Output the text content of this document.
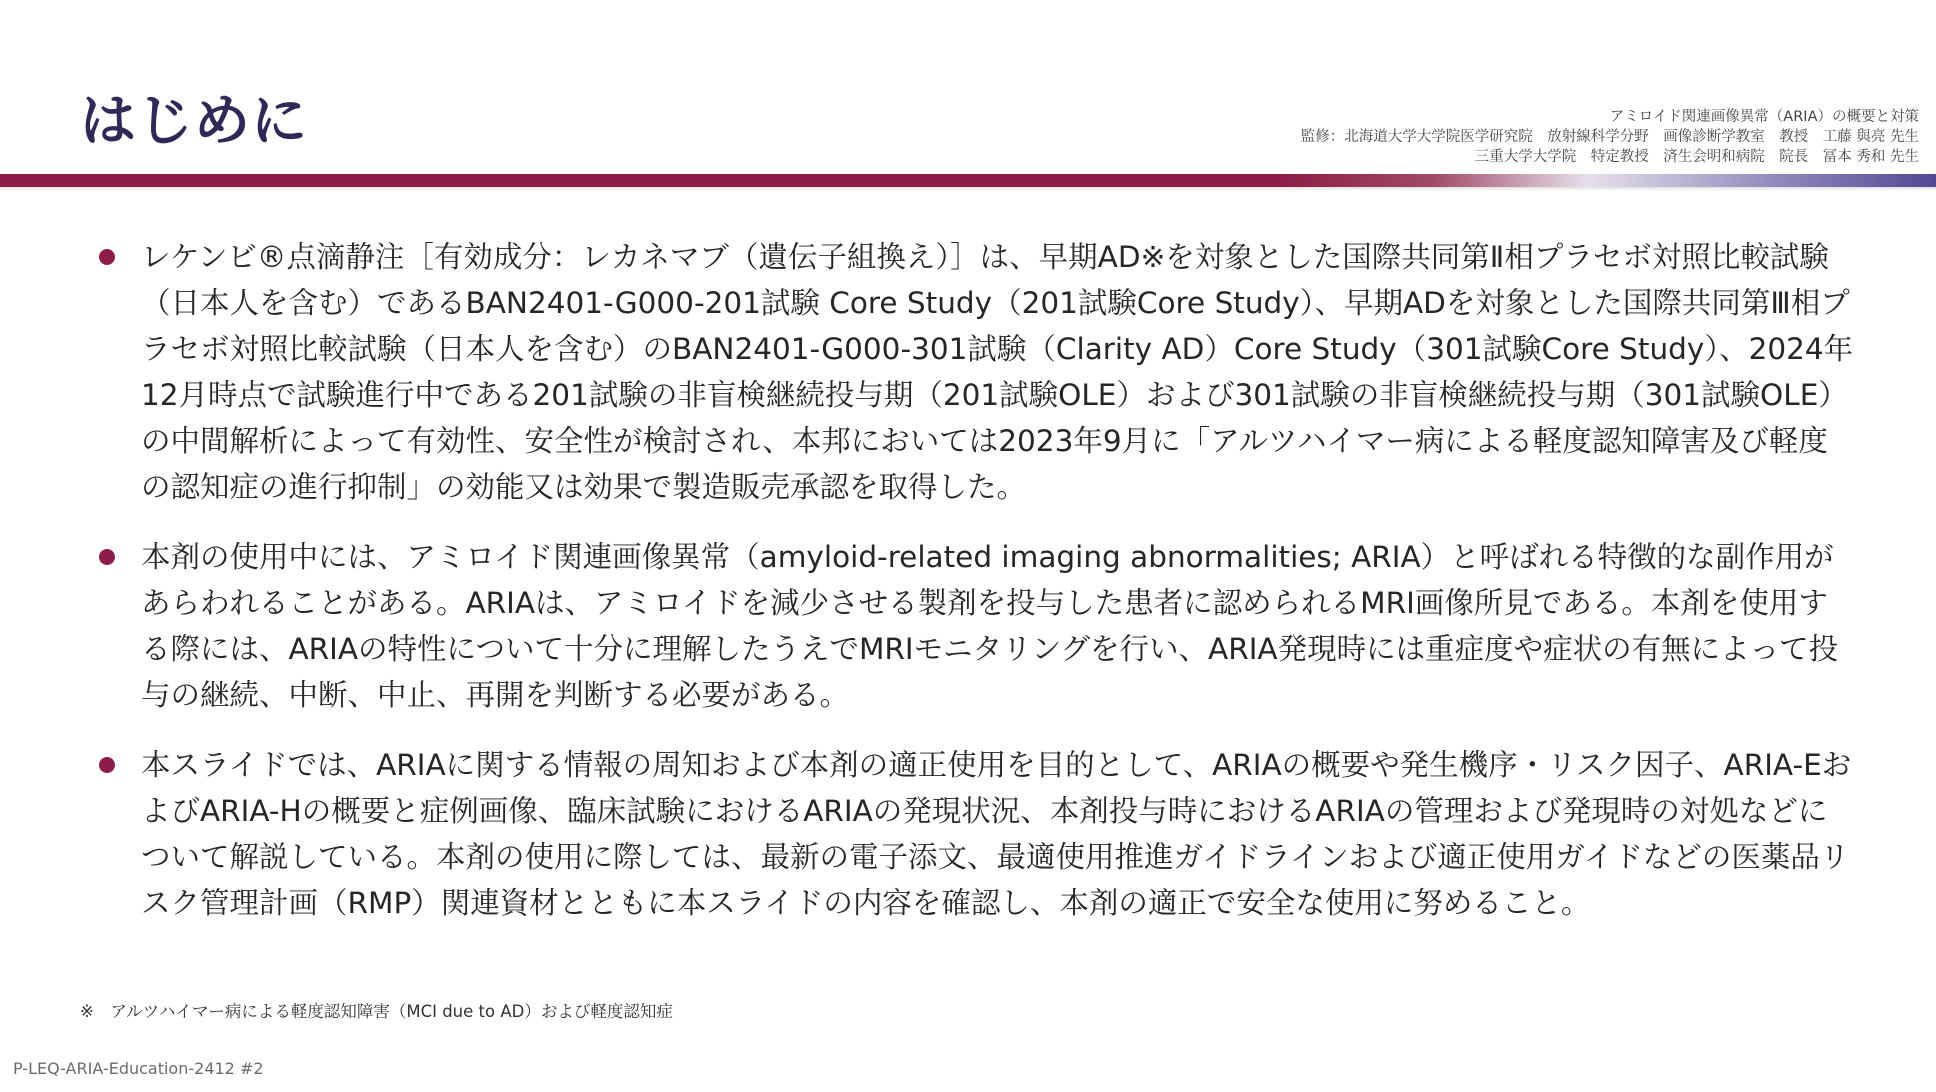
はじめに	アミロイド関連画像異常（ARIA）の概要と対策
監修：北海道大学大学院医学研究院　放射線科学分野　画像診断学教室　教授　工藤 與亮 先生
三重大学大学院　特定教授　済生会明和病院　院長　冨本 秀和 先生
レケンビ®点滴静注［有効成分：レカネマブ（遺伝子組換え）］は、早期AD※を対象とした国際共同第Ⅱ相プラセボ対照比較試験（日本人を含む）であるBAN2401-G000-201試験 Core Study（201試験Core Study）、早期ADを対象とした国際共同第Ⅲ相プラセボ対照比較試験（日本人を含む）のBAN2401-G000-301試験（Clarity AD）Core Study（301試験Core Study）、2024年12月時点で試験進行中である201試験の非盲検継続投与期（201試験OLE）および301試験の非盲検継続投与期（301試験OLE）の中間解析によって有効性、安全性が検討され、本邦においては2023年9月に「アルツハイマー病による軽度認知障害及び軽度の認知症の進行抑制」の効能又は効果で製造販売承認を取得した。
本剤の使用中には、アミロイド関連画像異常（amyloid-related imaging abnormalities; ARIA）と呼ばれる特徴的な副作用があらわれることがある。ARIAは、アミロイドを減少させる製剤を投与した患者に認められるMRI画像所見である。本剤を使用する際には、ARIAの特性について十分に理解したうえでMRIモニタリングを行い、ARIA発現時には重症度や症状の有無によって投与の継続、中断、中止、再開を判断する必要がある。
本スライドでは、ARIAに関する情報の周知および本剤の適正使用を目的として、ARIAの概要や発生機序・リスク因子、ARIA-EおよびARIA-Hの概要と症例画像、臨床試験におけるARIAの発現状況、本剤投与時におけるARIAの管理および発現時の対処などについて解説している。本剤の使用に際しては、最新の電子添文、最適使用推進ガイドラインおよび適正使用ガイドなどの医薬品リスク管理計画（RMP）関連資材とともに本スライドの内容を確認し、本剤の適正で安全な使用に努めること。
※　アルツハイマー病による軽度認知障害（MCI due to AD）および軽度認知症
P-LEQ-ARIA-Education-2412 #2
